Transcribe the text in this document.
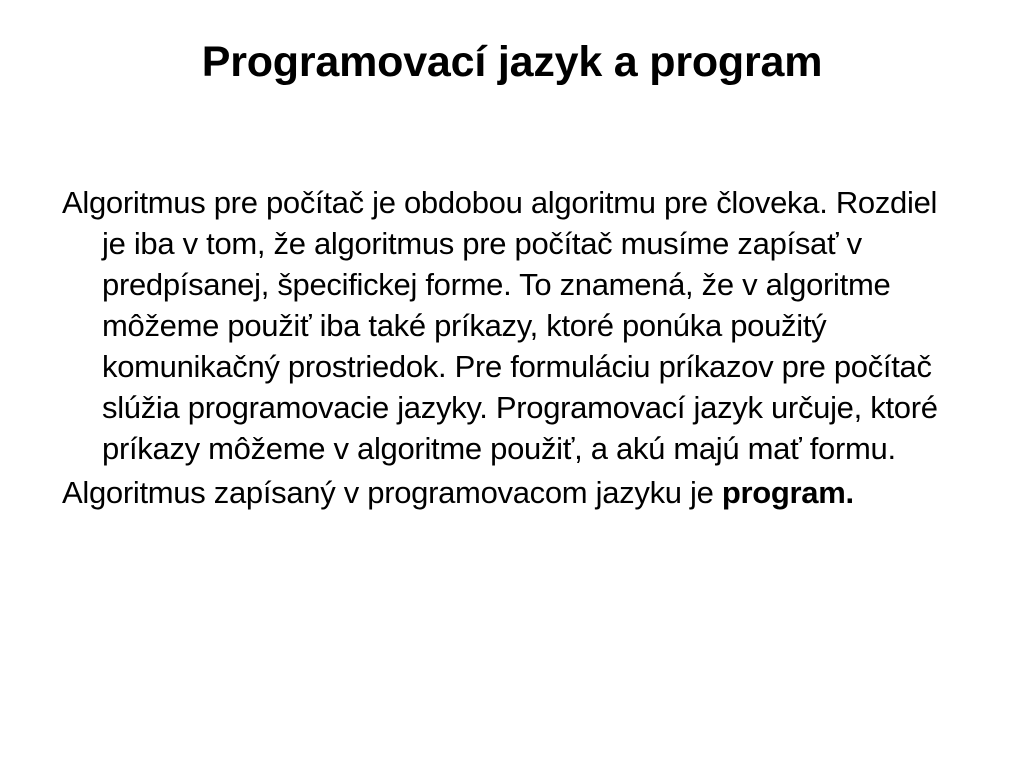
Programovací jazyk a program
Algoritmus pre počítač je obdobou algoritmu pre človeka. Rozdiel je iba v tom, že algoritmus pre počítač musíme zapísať v predpísanej, špecifickej forme. To znamená, že v algoritme môžeme použiť iba také príkazy, ktoré ponúka použitý komunikačný prostriedok. Pre formuláciu príkazov pre počítač slúžia programovacie jazyky. Programovací jazyk určuje, ktoré príkazy môžeme v algoritme použiť, a akú majú mať formu.
Algoritmus zapísaný v programovacom jazyku je program.
